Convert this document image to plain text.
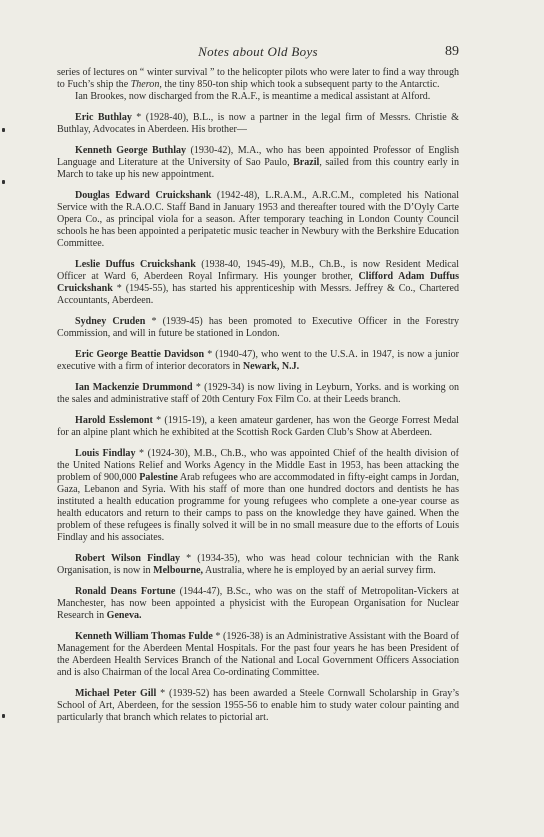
Notes about Old Boys	89

series of lectures on “ winter survival ” to the helicopter pilots who were later to find a way through to Fuch’s ship the Theron, the tiny 850-ton ship which took a subsequent party to the Antarctic.

Ian Brookes, now discharged from the R.A.F., is meantime a medical assistant at Alford.

Eric Buthlay * (1928-40), B.L., is now a partner in the legal firm of Messrs. Christie & Buthlay, Advocates in Aberdeen. His brother—

Kenneth George Buthlay (1930-42), M.A., who has been appointed Professor of English Language and Literature at the University of Sao Paulo, Brazil, sailed from this country early in March to take up his new appointment.

Douglas Edward Cruickshank (1942-48), L.R.A.M., A.R.C.M., completed his National Service with the R.A.O.C. Staff Band in January 1953 and thereafter toured with the D’Oyly Carte Opera Co., as principal viola for a season. After temporary teaching in London County Council schools he has been appointed a peripatetic music teacher in Newbury with the Berkshire Education Committee.

Leslie Duffus Cruickshank (1938-40, 1945-49), M.B., Ch.B., is now Resident Medical Officer at Ward 6, Aberdeen Royal Infirmary. His younger brother, Clifford Adam Duffus Cruickshank * (1945-55), has started his apprenticeship with Messrs. Jeffrey & Co., Chartered Accountants, Aberdeen.

Sydney Cruden * (1939-45) has been promoted to Executive Officer in the Forestry Commission, and will in future be stationed in London.

Eric George Beattie Davidson * (1940-47), who went to the U.S.A. in 1947, is now a junior executive with a firm of interior decorators in Newark, N.J.

Ian Mackenzie Drummond * (1929-34) is now living in Leyburn, Yorks. and is working on the sales and administrative staff of 20th Century Fox Film Co. at their Leeds branch.

Harold Esslemont * (1915-19), a keen amateur gardener, has won the George Forrest Medal for an alpine plant which he exhibited at the Scottish Rock Garden Club’s Show at Aberdeen.

Louis Findlay * (1924-30), M.B., Ch.B., who was appointed Chief of the health division of the United Nations Relief and Works Agency in the Middle East in 1953, has been attacking the problem of 900,000 Palestine Arab refugees who are accommodated in fifty-eight camps in Jordan, Gaza, Lebanon and Syria. With his staff of more than one hundred doctors and dentists he has instituted a health education programme for young refugees who complete a one-year course as health educators and return to their camps to pass on the knowledge they have gained. When the problem of these refugees is finally solved it will be in no small measure due to the efforts of Louis Findlay and his associates.

Robert Wilson Findlay * (1934-35), who was head colour technician with the Rank Organisation, is now in Melbourne, Australia, where he is employed by an aerial survey firm.

Ronald Deans Fortune (1944-47), B.Sc., who was on the staff of Metropolitan-Vickers at Manchester, has now been appointed a physicist with the European Organisation for Nuclear Research in Geneva.

Kenneth William Thomas Fulde * (1926-38) is an Administrative Assistant with the Board of Management for the Aberdeen Mental Hospitals. For the past four years he has been President of the Aberdeen Health Services Branch of the National and Local Government Officers Association and is also Chairman of the local Area Co-ordinating Committee.

Michael Peter Gill * (1939-52) has been awarded a Steele Cornwall Scholarship in Gray’s School of Art, Aberdeen, for the session 1955-56 to enable him to study water colour painting and particularly that branch which relates to pictorial art.
